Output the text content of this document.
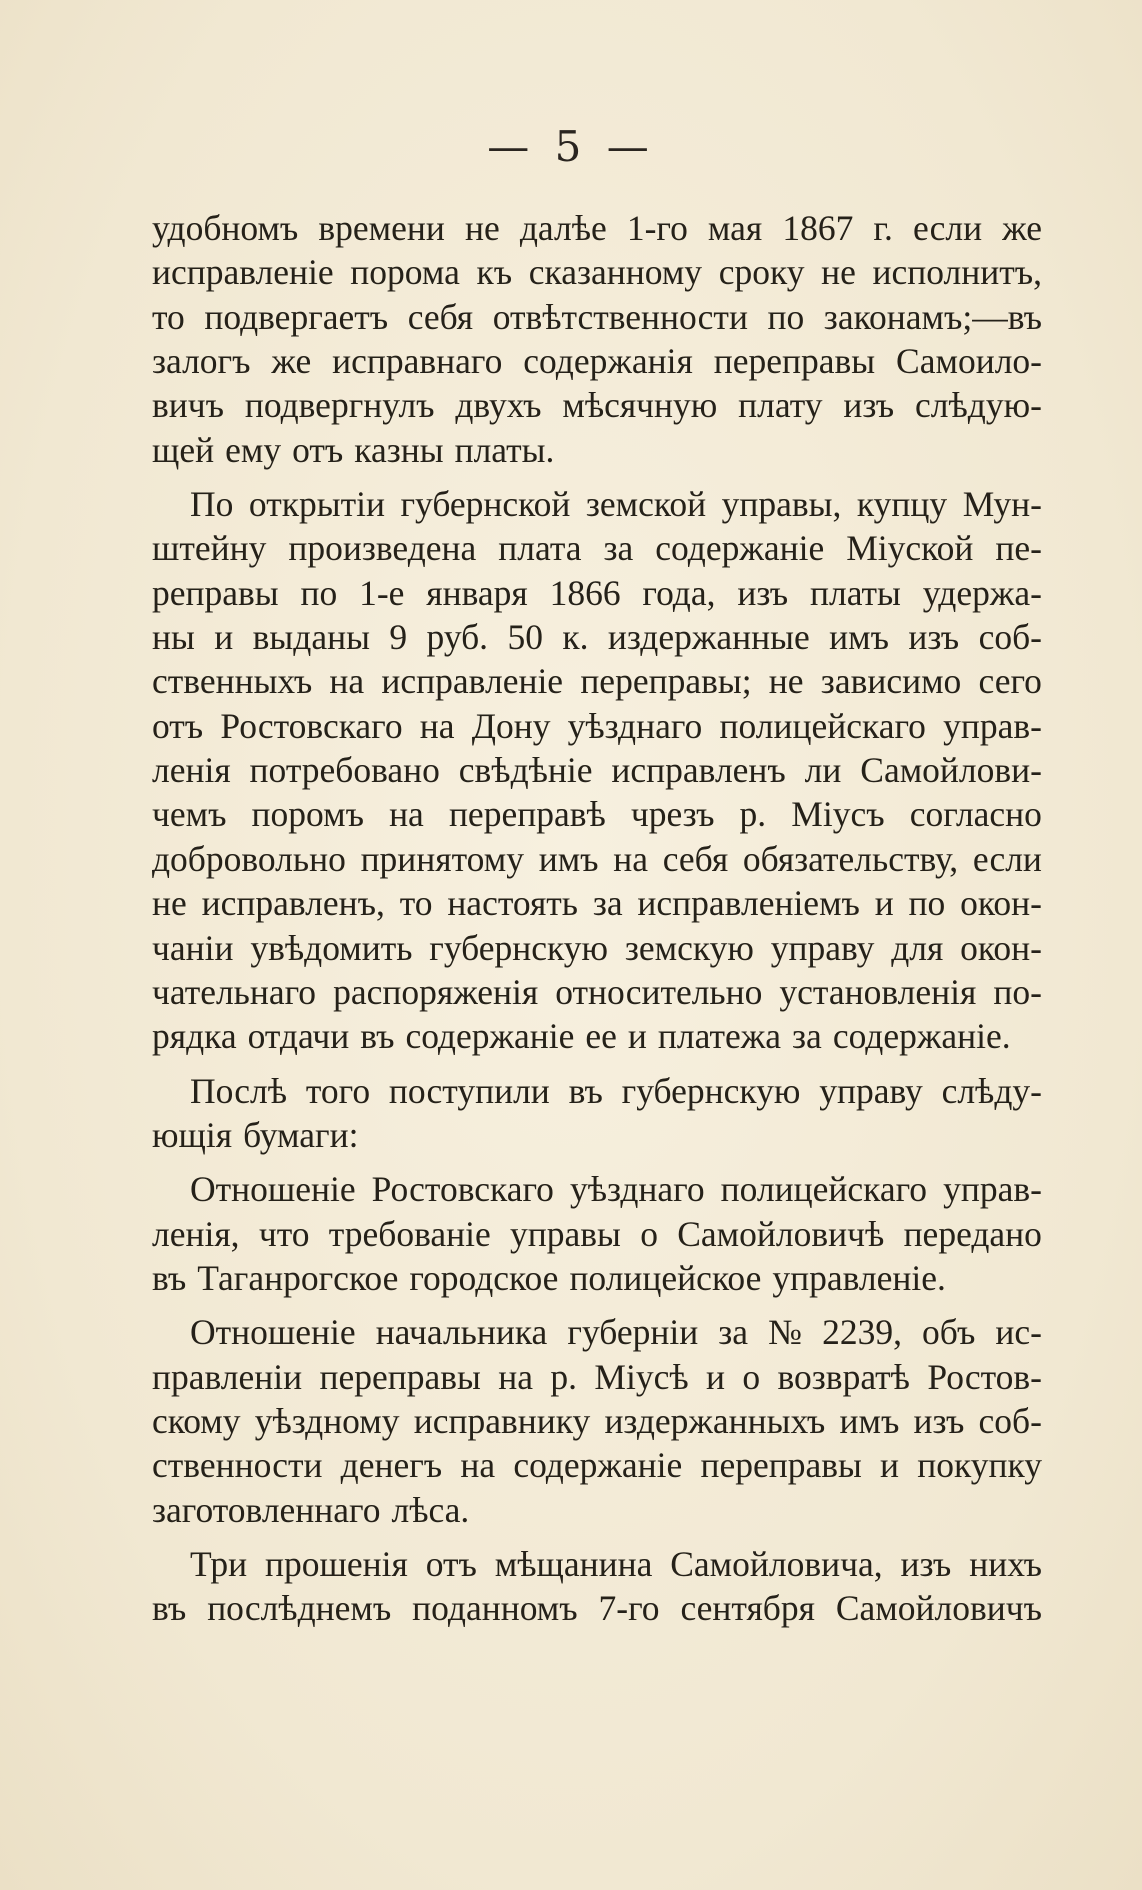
— 5 —
удобномъ времени не далѣе 1-го мая 1867 г. если же
исправленіе порома къ сказанному сроку не исполнитъ,
то подвергаетъ себя отвѣтственности по законамъ;—въ
залогъ же исправнаго содержанія переправы Самоило-
вичъ подвергнулъ двухъ мѣсячную плату изъ слѣдую-
щей ему отъ казны платы.
По открытіи губернской земской управы, купцу Мун-
штейну произведена плата за содержаніе Міуской пе-
реправы по 1-е января 1866 года, изъ платы удержа-
ны и выданы 9 руб. 50 к. издержанные имъ изъ соб-
ственныхъ на исправленіе переправы; не зависимо сего
отъ Ростовскаго на Дону уѣзднаго полицейскаго управ-
ленія потребовано свѣдѣніе исправленъ ли Самойлови-
чемъ поромъ на переправѣ чрезъ р. Міусъ согласно
добровольно принятому имъ на себя обязательству, если
не исправленъ, то настоять за исправленіемъ и по окон-
чаніи увѣдомить губернскую земскую управу для окон-
чательнаго распоряженія относительно установленія по-
рядка отдачи въ содержаніе ее и платежа за содержаніе.
Послѣ того поступили въ губернскую управу слѣду-
ющія бумаги:
Отношеніе Ростовскаго уѣзднаго полицейскаго управ-
ленія, что требованіе управы о Самойловичѣ передано
въ Таганрогское городское полицейское управленіе.
Отношеніе начальника губерніи за № 2239, объ ис-
правленіи переправы на р. Міусѣ и о возвратѣ Ростов-
скому уѣздному исправнику издержанныхъ имъ изъ соб-
ственности денегъ на содержаніе переправы и покупку
заготовленнаго лѣса.
Три прошенія отъ мѣщанина Самойловича, изъ нихъ
въ послѣднемъ поданномъ 7-го сентября Самойловичъ
